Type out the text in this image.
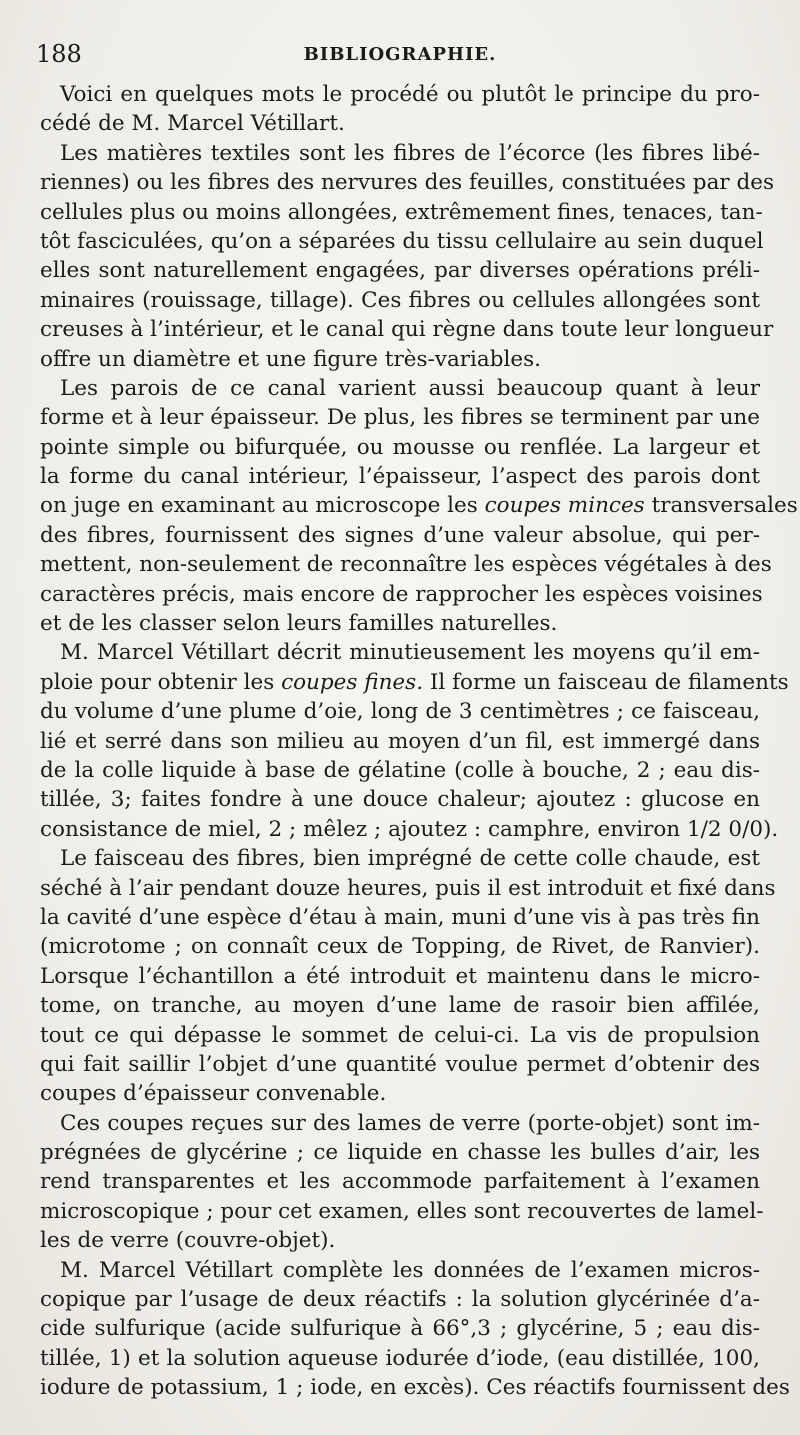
188	BIBLIOGRAPHIE.
Voici en quelques mots le procédé ou plutôt le principe du pro-
cédé de M. Marcel Vétillart.
Les matières textiles sont les fibres de l’écorce (les fibres libé-
riennes) ou les fibres des nervures des feuilles, constituées par des
cellules plus ou moins allongées, extrêmement fines, tenaces, tan-
tôt fasciculées, qu’on a séparées du tissu cellulaire au sein duquel
elles sont naturellement engagées, par diverses opérations préli-
minaires (rouissage, tillage). Ces fibres ou cellules allongées sont
creuses à l’intérieur, et le canal qui règne dans toute leur longueur
offre un diamètre et une figure très-variables.
Les parois de ce canal varient aussi beaucoup quant à leur
forme et à leur épaisseur. De plus, les fibres se terminent par une
pointe simple ou bifurquée, ou mousse ou renflée. La largeur et
la forme du canal intérieur, l’épaisseur, l’aspect des parois dont
on juge en examinant au microscope les coupes minces transversales
des fibres, fournissent des signes d’une valeur absolue, qui per-
mettent, non-seulement de reconnaître les espèces végétales à des
caractères précis, mais encore de rapprocher les espèces voisines
et de les classer selon leurs familles naturelles.
M. Marcel Vétillart décrit minutieusement les moyens qu’il em-
ploie pour obtenir les coupes fines. Il forme un faisceau de filaments
du volume d’une plume d’oie, long de 3 centimètres ; ce faisceau,
lié et serré dans son milieu au moyen d’un fil, est immergé dans
de la colle liquide à base de gélatine (colle à bouche, 2 ; eau dis-
tillée, 3; faites fondre à une douce chaleur; ajoutez : glucose en
consistance de miel, 2 ; mêlez ; ajoutez : camphre, environ 1/2 0/0).
Le faisceau des fibres, bien imprégné de cette colle chaude, est
séché à l’air pendant douze heures, puis il est introduit et fixé dans
la cavité d’une espèce d’étau à main, muni d’une vis à pas très fin
(microtome ; on connaît ceux de Topping, de Rivet, de Ranvier).
Lorsque l’échantillon a été introduit et maintenu dans le micro-
tome, on tranche, au moyen d’une lame de rasoir bien affilée,
tout ce qui dépasse le sommet de celui-ci. La vis de propulsion
qui fait saillir l’objet d’une quantité voulue permet d’obtenir des
coupes d’épaisseur convenable.
Ces coupes reçues sur des lames de verre (porte-objet) sont im-
prégnées de glycérine ; ce liquide en chasse les bulles d’air, les
rend transparentes et les accommode parfaitement à l’examen
microscopique ; pour cet examen, elles sont recouvertes de lamel-
les de verre (couvre-objet).
M. Marcel Vétillart complète les données de l’examen micros-
copique par l’usage de deux réactifs : la solution glycérinée d’a-
cide sulfurique (acide sulfurique à 66°,3 ; glycérine, 5 ; eau dis-
tillée, 1) et la solution aqueuse iodurée d’iode, (eau distillée, 100,
iodure de potassium, 1 ; iode, en excès). Ces réactifs fournissent des
